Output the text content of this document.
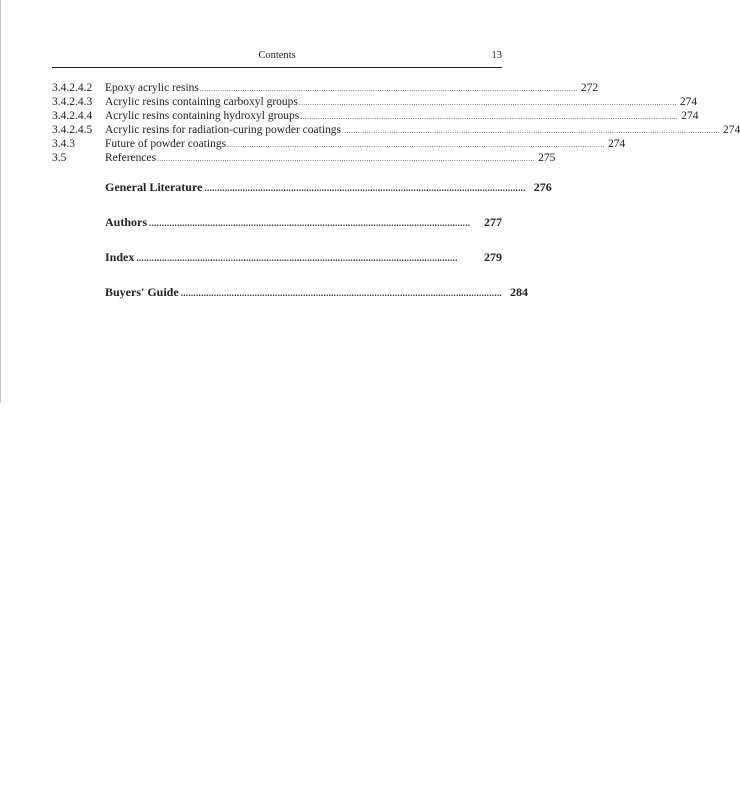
Contents	13
3.4.2.4.2	Epoxy acrylic resins ........................................................................................................................................................................ 272
3.4.2.4.3	Acrylic resins containing carboxyl groups ........................................................................................................................................................................ 274
3.4.2.4.4	Acrylic resins containing hydroxyl groups ........................................................................................................................................................................ 274
3.4.2.4.5	Acrylic resins for radiation-curing powder coatings ........................................................................................................................................................................ 274
3.4.3	Future of powder coatings ........................................................................................................................................................................ 274
3.5	References ........................................................................................................................................................................ 275
General Literature .............................................................................................................................. 276
Authors ..............................................................................................................................	277
Index ..............................................................................................................................	279
Buyers' Guide .............................................................................................................................. 284
